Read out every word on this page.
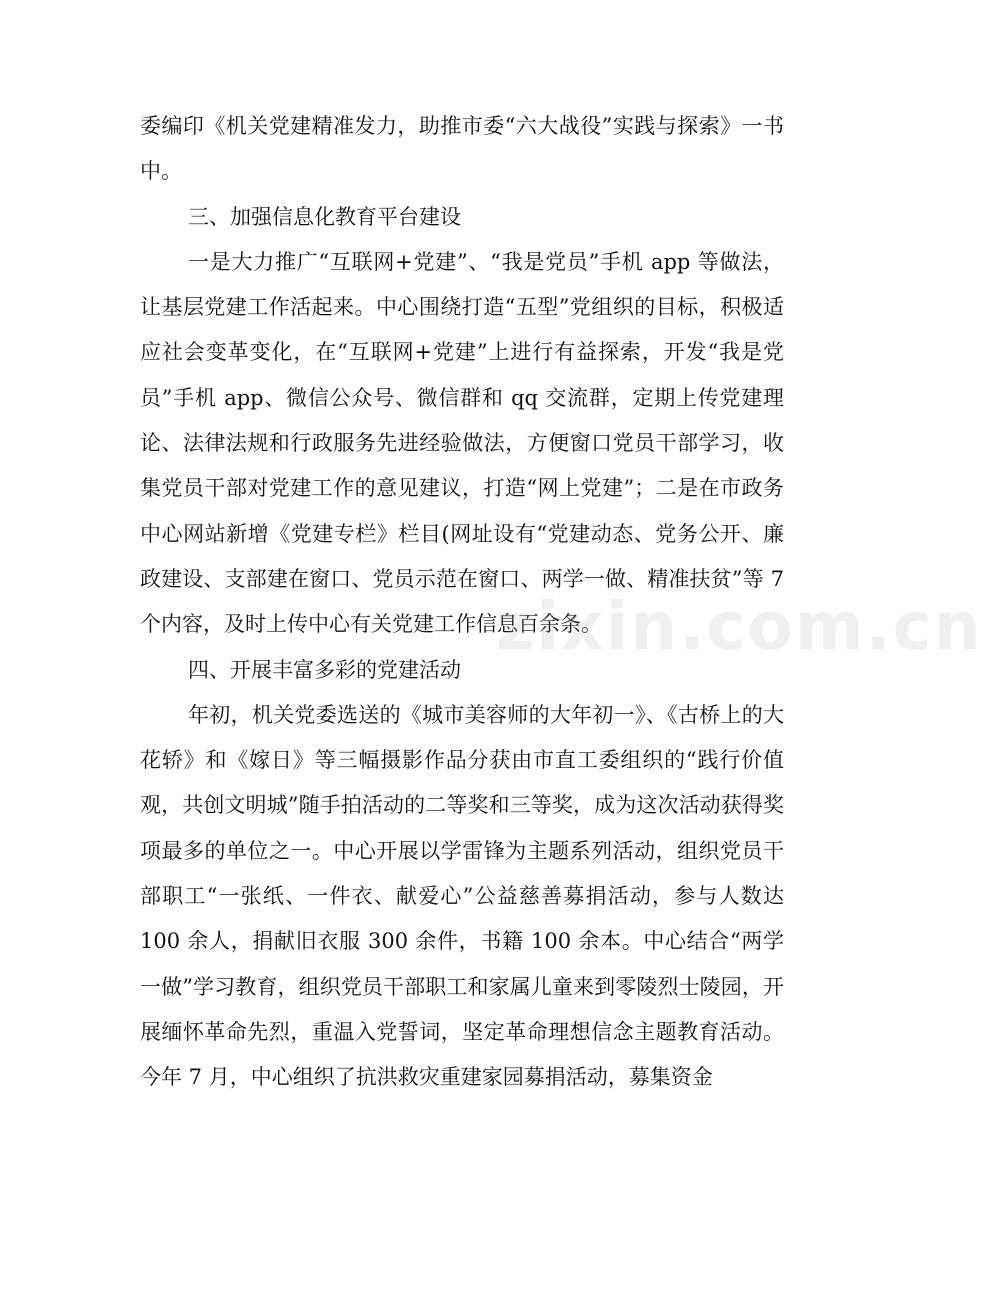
委编印《机关党建精准发力，助推市委“六大战役”实践与探索》一书中。

三、加强信息化教育平台建设

一是大力推广“互联网+党建”、“我是党员”手机 app 等做法，让基层党建工作活起来。中心围绕打造“五型”党组织的目标，积极适应社会变革变化，在“互联网+党建”上进行有益探索，开发“我是党员”手机 app、微信公众号、微信群和 qq 交流群，定期上传党建理论、法律法规和行政服务先进经验做法，方便窗口党员干部学习，收集党员干部对党建工作的意见建议，打造“网上党建”；二是在市政务中心网站新增《党建专栏》栏目(网址设有“党建动态、党务公开、廉政建设、支部建在窗口、党员示范在窗口、两学一做、精准扶贫”等 7 个内容，及时上传中心有关党建工作信息百余条。

四、开展丰富多彩的党建活动

年初，机关党委选送的《城市美容师的大年初一》、《古桥上的大花轿》和《嫁日》等三幅摄影作品分获由市直工委组织的“践行价值观，共创文明城”随手拍活动的二等奖和三等奖，成为这次活动获得奖项最多的单位之一。中心开展以学雷锋为主题系列活动，组织党员干部职工“一张纸、一件衣、献爱心”公益慈善募捐活动，参与人数达 100 余人，捐献旧衣服 300 余件，书籍 100 余本。中心结合“两学一做”学习教育，组织党员干部职工和家属儿童来到零陵烈士陵园，开展缅怀革命先烈，重温入党誓词，坚定革命理想信念主题教育活动。今年 7 月，中心组织了抗洪救灾重建家园募捐活动，募集资金

zixin.com.cn
